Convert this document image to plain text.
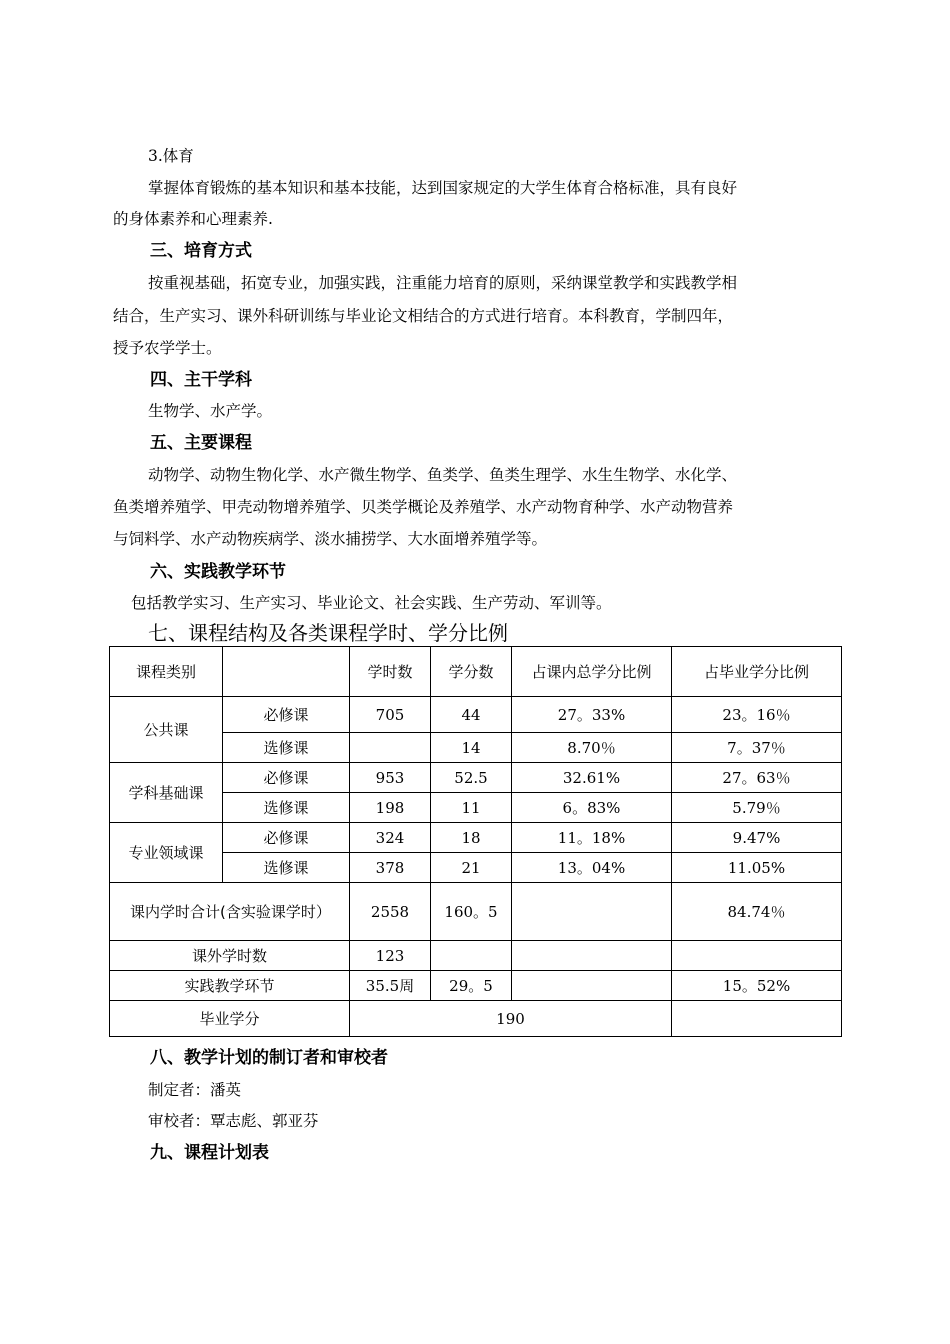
3.体育
掌握体育锻炼的基本知识和基本技能，达到国家规定的大学生体育合格标准，具有良好
的身体素养和心理素养.
三、培育方式
按重视基础，拓宽专业，加强实践，注重能力培育的原则，采纳课堂教学和实践教学相
结合，生产实习、课外科研训练与毕业论文相结合的方式进行培育。本科教育，学制四年，
授予农学学士。
四、主干学科
生物学、水产学。
五、主要课程
动物学、动物生物化学、水产微生物学、鱼类学、鱼类生理学、水生生物学、水化学、
鱼类增养殖学、甲壳动物增养殖学、贝类学概论及养殖学、水产动物育种学、水产动物营养
与饲料学、水产动物疾病学、淡水捕捞学、大水面增养殖学等。
六、实践教学环节
包括教学实习、生产实习、毕业论文、社会实践、生产劳动、军训等。
七、课程结构及各类课程学时、学分比例
课程类别		学时数	学分数	占课内总学分比例	占毕业学分比例
公共课	必修课	705	44	27。33%	23。16％
	选修课		14	8.70％	7。37％
学科基础课	必修课	953	52.5	32.61%	27。63％
	选修课	198	11	6。83%	5.79％
专业领域课	必修课	324	18	11。18%	9.47%
	选修课	378	21	13。04%	11.05%
课内学时合计(含实验课学时）		2558	160。5		84.74％
课外学时数		123			
实践教学环节		35.5周	29。5		15。52%
毕业学分		190			
八、教学计划的制订者和审校者
制定者：潘英
审校者：覃志彪、郭亚芬
九、课程计划表
